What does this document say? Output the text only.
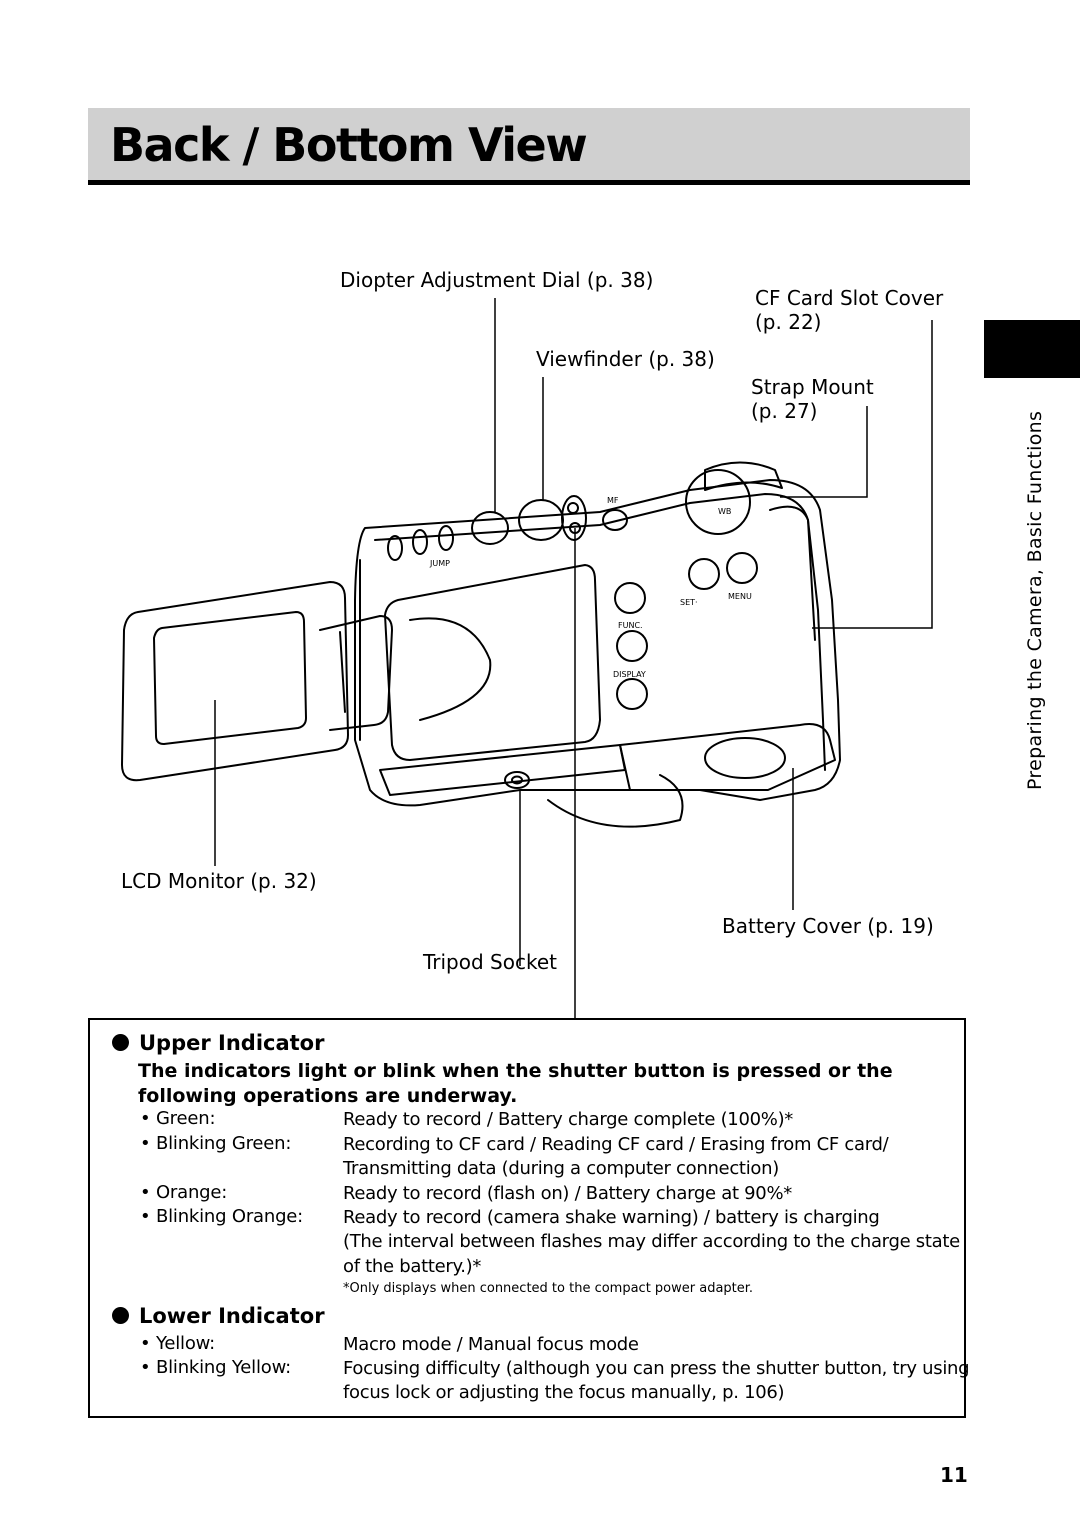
Back / Bottom View
Preparing the Camera, Basic Functions
MF
JUMP
WB
SET·
MENU
FUNC.
DISPLAY
Diopter Adjustment Dial (p. 38)
CF Card Slot Cover
(p. 22)
Viewfinder (p. 38)
Strap Mount
(p. 27)
LCD Monitor (p. 32)
Battery Cover (p. 19)
Tripod Socket
Upper Indicator
The indicators light or blink when the shutter button is pressed or the
following operations are underway.
• Green:	Ready to record / Battery charge complete (100%)*
• Blinking Green:	Recording to CF card / Reading CF card / Erasing from CF card/
Transmitting data (during a computer connection)
• Orange:	Ready to record (flash on) / Battery charge at 90%*
• Blinking Orange: Ready to record (camera shake warning) / battery is charging
(The interval between flashes may differ according to the charge state
of the battery.)*
*Only displays when connected to the compact power adapter.
Lower Indicator
• Yellow:	Macro mode / Manual focus mode
• Blinking Yellow:	Focusing difficulty (although you can press the shutter button, try using
focus lock or adjusting the focus manually, p. 106)
11
